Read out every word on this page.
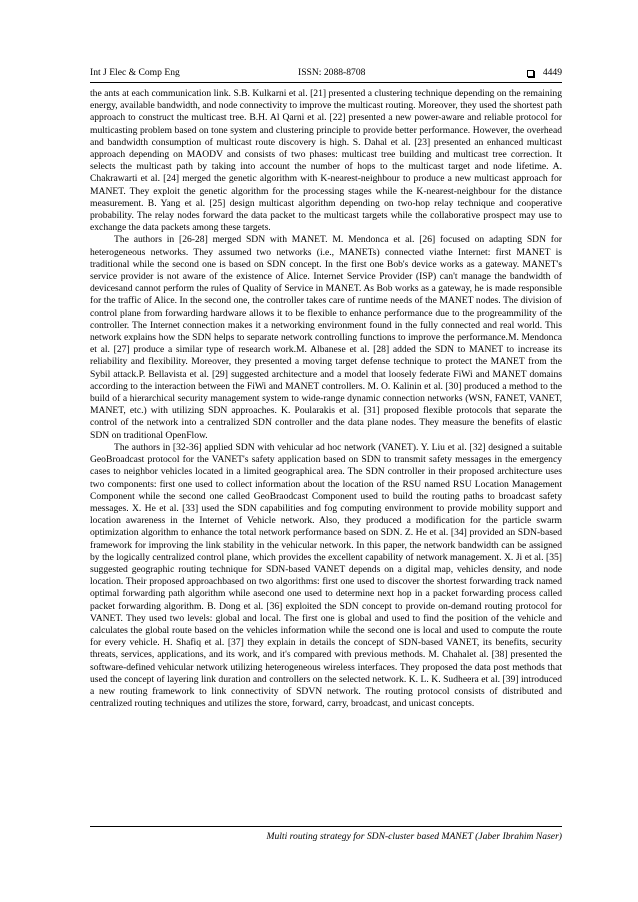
Int J Elec & Comp Eng	ISSN: 2088-8708	4449

the ants at each communication link. S.B. Kulkarni et al. [21] presented a clustering technique depending on the remaining energy, available bandwidth, and node connectivity to improve the multicast routing. Moreover, they used the shortest path approach to construct the multicast tree. B.H. Al Qarni et al. [22] presented a new power-aware and reliable protocol for multicasting problem based on tone system and clustering principle to provide better performance. However, the overhead and bandwidth consumption of multicast route discovery is high. S. Dahal et al. [23] presented an enhanced multicast approach depending on MAODV and consists of two phases: multicast tree building and multicast tree correction. It selects the multicast path by taking into account the number of hops to the multicast target and node lifetime. A. Chakrawarti et al. [24] merged the genetic algorithm with K-nearest-neighbour to produce a new multicast approach for MANET. They exploit the genetic algorithm for the processing stages while the K-nearest-neighbour for the distance measurement. B. Yang et al. [25] design multicast algorithm depending on two-hop relay technique and cooperative probability. The relay nodes forward the data packet to the multicast targets while the collaborative prospect may use to exchange the data packets among these targets.

The authors in [26-28] merged SDN with MANET. M. Mendonca et al. [26] focused on adapting SDN for heterogeneous networks. They assumed two networks (i.e., MANETs) connected viathe Internet: first MANET is traditional while the second one is based on SDN concept. In the first one Bob's device works as a gateway. MANET's service provider is not aware of the existence of Alice. Internet Service Provider (ISP) can't manage the bandwidth of devicesand cannot perform the rules of Quality of Service in MANET. As Bob works as a gateway, he is made responsible for the traffic of Alice. In the second one, the controller takes care of runtime needs of the MANET nodes. The division of control plane from forwarding hardware allows it to be flexible to enhance performance due to the progreammility of the controller. The Internet connection makes it a networking environment found in the fully connected and real world. This network explains how the SDN helps to separate network controlling functions to improve the performance.M. Mendonca et al. [27] produce a similar type of research work.M. Albanese et al. [28] added the SDN to MANET to increase its reliability and flexibility. Moreover, they presented a moving target defense technique to protect the MANET from the Sybil attack.P. Bellavista et al. [29] suggested architecture and a model that loosely federate FiWi and MANET domains according to the interaction between the FiWi and MANET controllers. M. O. Kalinin et al. [30] produced a method to the build of a hierarchical security management system to wide-range dynamic connection networks (WSN, FANET, VANET, MANET, etc.) with utilizing SDN approaches. K. Poularakis et al. [31] proposed flexible protocols that separate the control of the network into a centralized SDN controller and the data plane nodes. They measure the benefits of elastic SDN on traditional OpenFlow.

The authors in [32-36] applied SDN with vehicular ad hoc network (VANET). Y. Liu et al. [32] designed a suitable GeoBroadcast protocol for the VANET's safety application based on SDN to transmit safety messages in the emergency cases to neighbor vehicles located in a limited geographical area. The SDN controller in their proposed architecture uses two components: first one used to collect information about the location of the RSU named RSU Location Management Component while the second one called GeoBraodcast Component used to build the routing paths to broadcast safety messages. X. He et al. [33] used the SDN capabilities and fog computing environment to provide mobility support and location awareness in the Internet of Vehicle network. Also, they produced a modification for the particle swarm optimization algorithm to enhance the total network performance based on SDN. Z. He et al. [34] provided an SDN-based framework for improving the link stability in the vehicular network. In this paper, the network bandwidth can be assigned by the logically centralized control plane, which provides the excellent capability of network management. X. Ji et al. [35] suggested geographic routing technique for SDN-based VANET depends on a digital map, vehicles density, and node location. Their proposed approachbased on two algorithms: first one used to discover the shortest forwarding track named optimal forwarding path algorithm while asecond one used to determine next hop in a packet forwarding process called packet forwarding algorithm. B. Dong et al. [36] exploited the SDN concept to provide on-demand routing protocol for VANET. They used two levels: global and local. The first one is global and used to find the position of the vehicle and calculates the global route based on the vehicles information while the second one is local and used to compute the route for every vehicle. H. Shafiq et al. [37] they explain in details the concept of SDN-based VANET, its benefits, security threats, services, applications, and its work, and it's compared with previous methods. M. Chahalet al. [38] presented the software-defined vehicular network utilizing heterogeneous wireless interfaces. They proposed the data post methods that used the concept of layering link duration and controllers on the selected network. K. L. K. Sudheera et al. [39] introduced a new routing framework to link connectivity of SDVN network. The routing protocol consists of distributed and centralized routing techniques and utilizes the store, forward, carry, broadcast, and unicast concepts.

Multi routing strategy for SDN-cluster based MANET (Jaber Ibrahim Naser)
